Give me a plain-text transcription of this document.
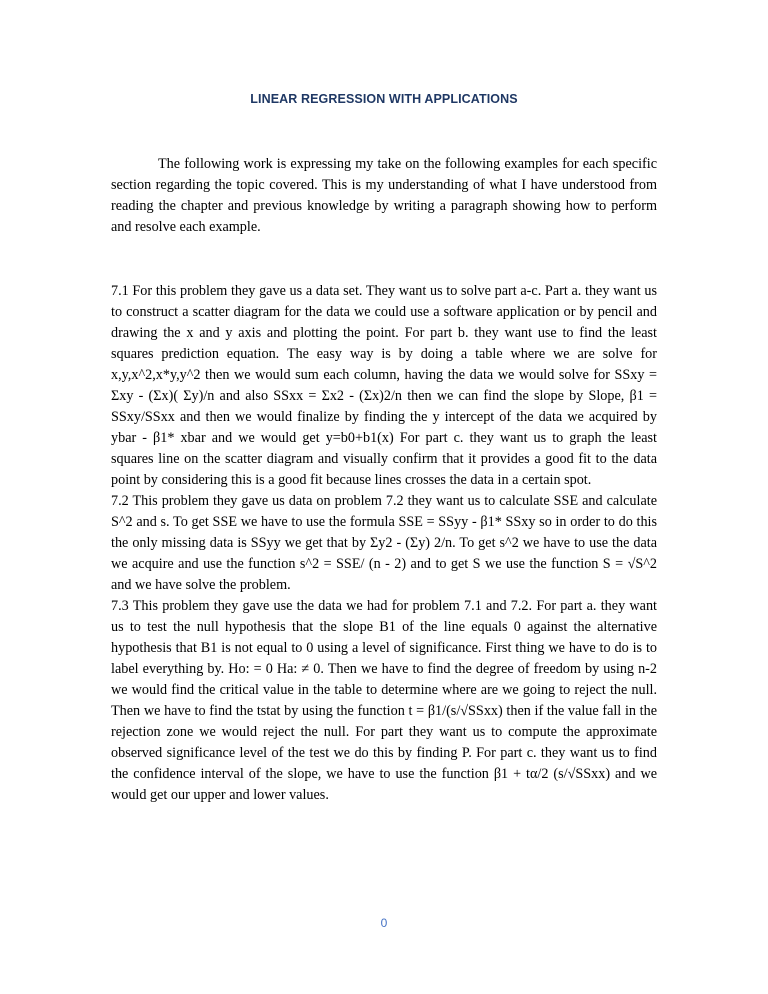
LINEAR REGRESSION WITH APPLICATIONS

The following work is expressing my take on the following examples for each specific section regarding the topic covered. This is my understanding of what I have understood from reading the chapter and previous knowledge by writing a paragraph showing how to perform and resolve each example.

7.1 For this problem they gave us a data set. They want us to solve part a-c. Part a. they want us to construct a scatter diagram for the data we could use a software application or by pencil and drawing the x and y axis and plotting the point. For part b. they want use to find the least squares prediction equation. The easy way is by doing a table where we are solve for x,y,x^2,x*y,y^2 then we would sum each column, having the data we would solve for SSxy = Σxy - (Σx)( Σy)/n and also SSxx = Σx2 - (Σx)2/n then we can find the slope by Slope, β1 = SSxy/SSxx and then we would finalize by finding the y intercept of the data we acquired by ybar - β1* xbar and we would get y=b0+b1(x) For part c. they want us to graph the least squares line on the scatter diagram and visually confirm that it provides a good fit to the data point by considering this is a good fit because lines crosses the data in a certain spot.

7.2 This problem they gave us data on problem 7.2 they want us to calculate SSE and calculate S^2 and s. To get SSE we have to use the formula SSE = SSyy - β1* SSxy so in order to do this the only missing data is SSyy we get that by Σy2 - (Σy) 2/n. To get s^2 we have to use the data we acquire and use the function s^2 = SSE/ (n - 2) and to get S we use the function S = √S^2 and we have solve the problem.

7.3 This problem they gave use the data we had for problem 7.1 and 7.2. For part a. they want us to test the null hypothesis that the slope B1 of the line equals 0 against the alternative hypothesis that B1 is not equal to 0 using a level of significance. First thing we have to do is to label everything by. Ho: = 0 Ha: ≠ 0. Then we have to find the degree of freedom by using n-2 we would find the critical value in the table to determine where are we going to reject the null. Then we have to find the tstat by using the function t = β1/(s/√SSxx) then if the value fall in the rejection zone we would reject the null. For part they want us to compute the approximate observed significance level of the test we do this by finding P. For part c. they want us to find the confidence interval of the slope, we have to use the function β1 + tα/2 (s/√SSxx) and we would get our upper and lower values.

0
